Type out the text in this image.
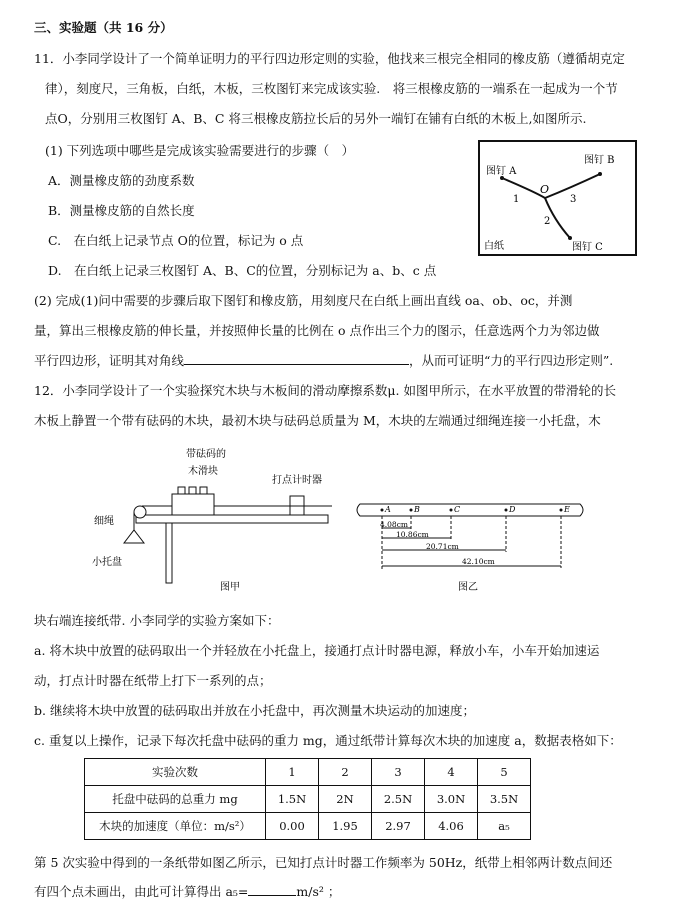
三、实验题（共 16 分）
11．小李同学设计了一个简单证明力的平行四边形定则的实验，他找来三根完全相同的橡皮筋（遵循胡克定
律），刻度尺，三角板，白纸，木板，三枚图钉来完成该实验.　将三根橡皮筋的一端系在一起成为一个节
点O，分别用三枚图钉 A、B、C 将三根橡皮筋拉长后的另外一端钉在铺有白纸的木板上,如图所示.
(1) 下列选项中哪些是完成该实验需要进行的步骤（　）
A．测量橡皮筋的劲度系数
B．测量橡皮筋的自然长度
C.　在白纸上记录节点 O的位置，标记为 o 点
D.　在白纸上记录三枚图钉 A、B、C的位置，分别标记为 a、b、c 点
图钉 A
图钉 B
图钉 C
O
1
2
3
白纸
(2) 完成(1)问中需要的步骤后取下图钉和橡皮筋，用刻度尺在白纸上画出直线 oa、ob、oc，并测
量，算出三根橡皮筋的伸长量，并按照伸长量的比例在 o 点作出三个力的图示，任意选两个力为邻边做
平行四边形，证明其对角线	，从而可证明“力的平行四边形定则”.
12．小李同学设计了一个实验探究木块与木板间的滑动摩擦系数μ. 如图甲所示，在水平放置的带滑轮的长
木板上静置一个带有砝码的木块，最初木块与砝码总质量为 M，木块的左端通过细绳连接一小托盘，木
带砝码的
木滑块
打点计时器
细绳
小托盘
图甲
A	B	C	D	E
4.08cm
10.86cm
20.71cm
42.10cm
图乙
块右端连接纸带. 小李同学的实验方案如下：
a. 将木块中放置的砝码取出一个并轻放在小托盘上，接通打点计时器电源，释放小车，小车开始加速运
动，打点计时器在纸带上打下一系列的点；
b. 继续将木块中放置的砝码取出并放在小托盘中，再次测量木块运动的加速度；
c. 重复以上操作，记录下每次托盘中砝码的重力 mg，通过纸带计算每次木块的加速度 a，数据表格如下：
实验次数	1	2	3	4	5
托盘中砝码的总重力 mg	1.5N	2N	2.5N	3.0N	3.5N
木块的加速度（单位：m/s²）	0.00	1.95	2.97	4.06	a₅
第 5 次实验中得到的一条纸带如图乙所示，已知打点计时器工作频率为 50Hz，纸带上相邻两计数点间还
有四个点未画出，由此可计算得出 a₅=	m/s² ；
